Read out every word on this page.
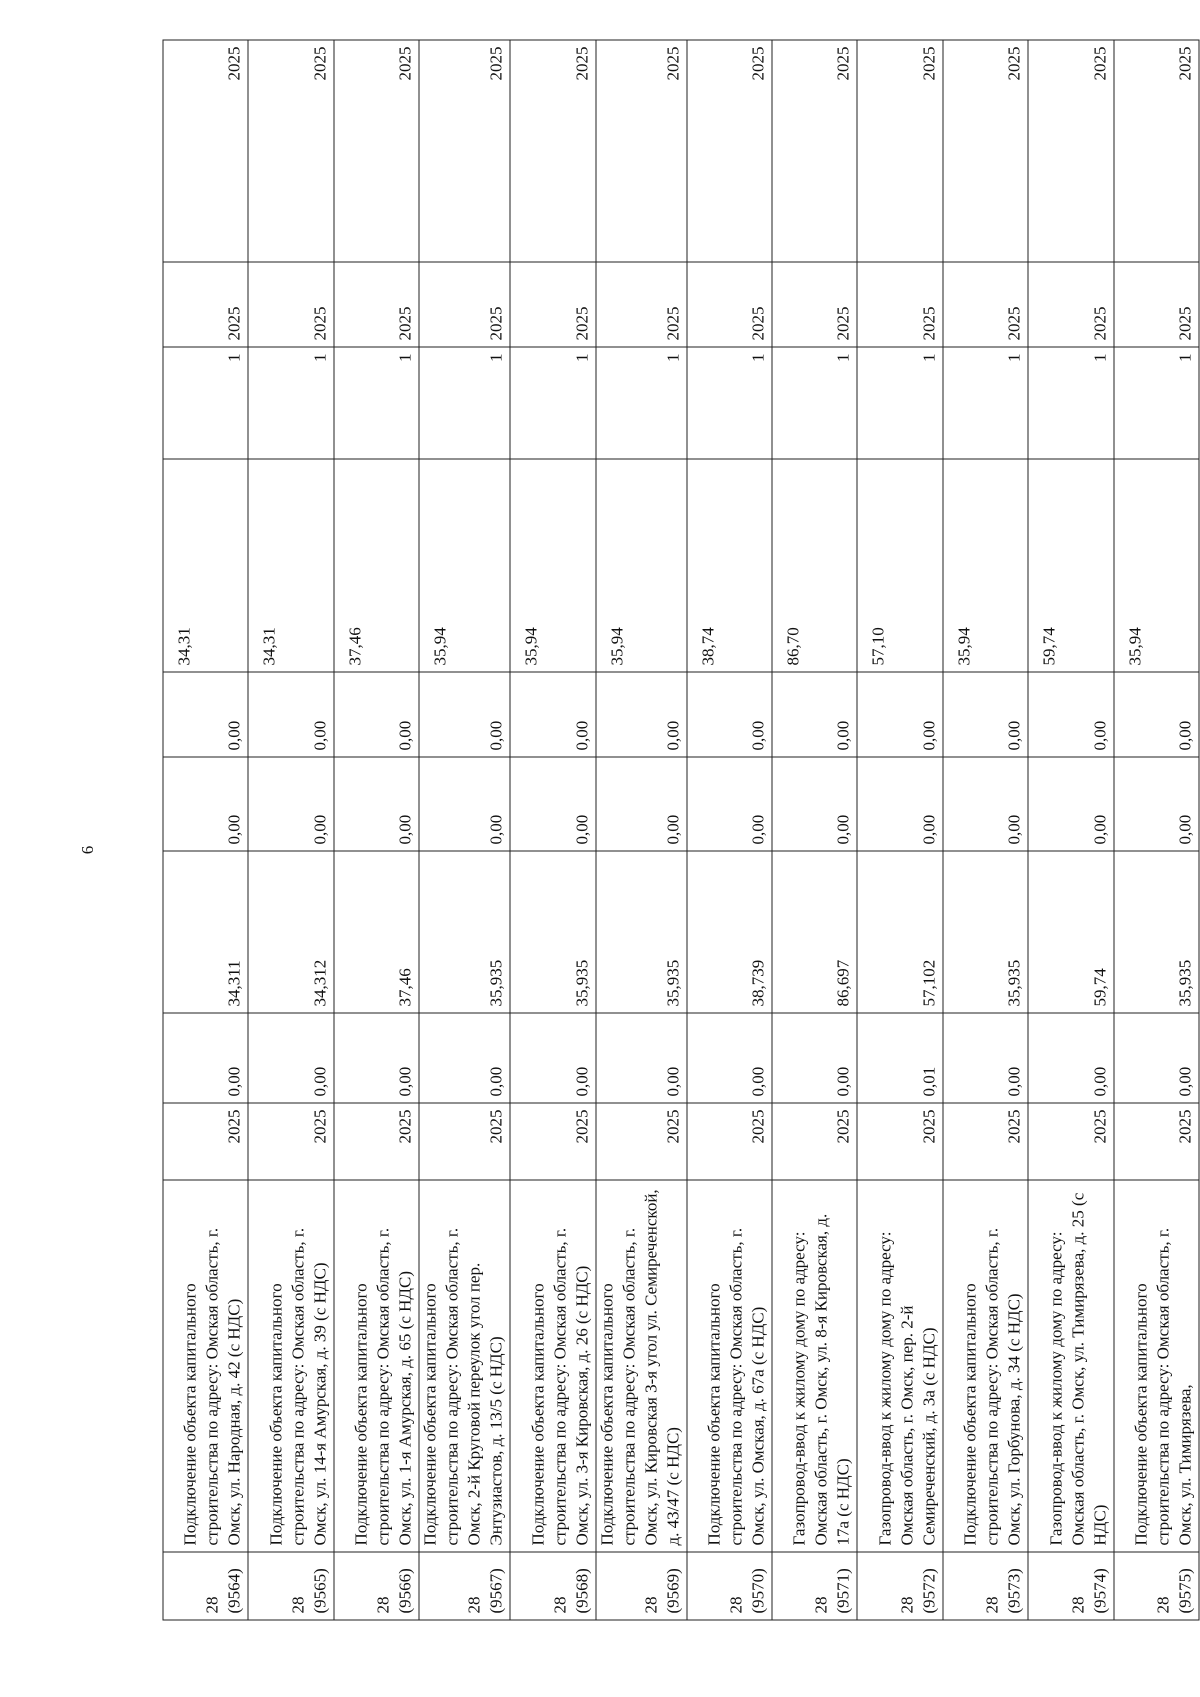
6
28 (9564)	Подключение объекта капитального строительства по адресу: Омская область, г. Омск, ул. Народная, д. 42 (с НДС)	2025	0,00	34,311	0,00	0,00	34,31	1	2025	2025
28 (9565)	Подключение объекта капитального строительства по адресу: Омская область, г. Омск, ул. 14-я Амурская, д. 39 (с НДС)	2025	0,00	34,312	0,00	0,00	34,31	1	2025	2025
28 (9566)	Подключение объекта капитального строительства по адресу: Омская область, г. Омск, ул. 1-я Амурская, д. 65 (с НДС)	2025	0,00	37,46	0,00	0,00	37,46	1	2025	2025
28 (9567)	Подключение объекта капитального строительства по адресу: Омская область, г. Омск, 2-й Круговой переулок угол пер. Энтузиастов, д. 13/5 (с НДС)	2025	0,00	35,935	0,00	0,00	35,94	1	2025	2025
28 (9568)	Подключение объекта капитального строительства по адресу: Омская область, г. Омск, ул. 3-я Кировская, д. 26 (с НДС)	2025	0,00	35,935	0,00	0,00	35,94	1	2025	2025
28 (9569)	Подключение объекта капитального строительства по адресу: Омская область, г. Омск, ул. Кировская 3-я угол ул. Семиреченской, д. 43/47 (с НДС)	2025	0,00	35,935	0,00	0,00	35,94	1	2025	2025
28 (9570)	Подключение объекта капитального строительства по адресу: Омская область, г. Омск, ул. Омская, д. 67а (с НДС)	2025	0,00	38,739	0,00	0,00	38,74	1	2025	2025
28 (9571)	Газопровод-ввод к жилому дому по адресу: Омская область, г. Омск, ул. 8-я Кировская, д. 17а (с НДС)	2025	0,00	86,697	0,00	0,00	86,70	1	2025	2025
28 (9572)	Газопровод-ввод к жилому дому по адресу: Омская область, г. Омск, пер. 2-й Семиреченский, д. 3а (с НДС)	2025	0,01	57,102	0,00	0,00	57,10	1	2025	2025
28 (9573)	Подключение объекта капитального строительства по адресу: Омская область, г. Омск, ул. Горбунова, д. 34 (с НДС)	2025	0,00	35,935	0,00	0,00	35,94	1	2025	2025
28 (9574)	Газопровод-ввод к жилому дому по адресу: Омская область, г. Омск, ул. Тимирязева, д. 25 (с НДС)	2025	0,00	59,74	0,00	0,00	59,74	1	2025	2025
28 (9575)	Подключение объекта капитального строительства по адресу: Омская область, г. Омск, ул. Тимирязева,	2025	0,00	35,935	0,00	0,00	35,94	1	2025	2025
